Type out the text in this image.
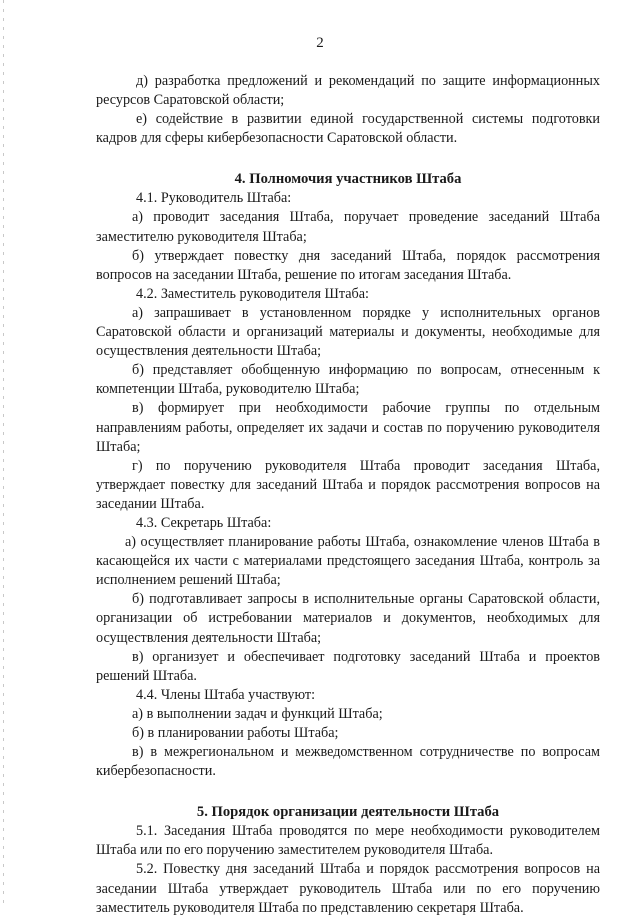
2

д) разработка предложений и рекомендаций по защите информационных ресурсов Саратовской области;

е) содействие в развитии единой государственной системы подготовки кадров для сферы кибербезопасности Саратовской области.

4. Полномочия участников Штаба

4.1. Руководитель Штаба:

а) проводит заседания Штаба, поручает проведение заседаний Штаба заместителю руководителя Штаба;

б) утверждает повестку дня заседаний Штаба, порядок рассмотрения вопросов на заседании Штаба, решение по итогам заседания Штаба.

4.2. Заместитель руководителя Штаба:

а) запрашивает в установленном порядке у исполнительных органов Саратовской области и организаций материалы и документы, необходимые для осуществления деятельности Штаба;

б) представляет обобщенную информацию по вопросам, отнесенным к компетенции Штаба, руководителю Штаба;

в) формирует при необходимости рабочие группы по отдельным направлениям работы, определяет их задачи и состав по поручению руководителя Штаба;

г) по поручению руководителя Штаба проводит заседания Штаба, утверждает повестку для заседаний Штаба и порядок рассмотрения вопросов на заседании Штаба.

4.3. Секретарь Штаба:

а) осуществляет планирование работы Штаба, ознакомление членов Штаба в касающейся их части с материалами предстоящего заседания Штаба, контроль за исполнением решений Штаба;

б) подготавливает запросы в исполнительные органы Саратовской области, организации об истребовании материалов и документов, необходимых для осуществления деятельности Штаба;

в) организует и обеспечивает подготовку заседаний Штаба и проектов решений Штаба.

4.4. Члены Штаба участвуют:

а) в выполнении задач и функций Штаба;

б) в планировании работы Штаба;

в) в межрегиональном и межведомственном сотрудничестве по вопросам кибербезопасности.

5. Порядок организации деятельности Штаба

5.1. Заседания Штаба проводятся по мере необходимости руководителем Штаба или по его поручению заместителем руководителя Штаба.

5.2. Повестку дня заседаний Штаба и порядок рассмотрения вопросов на заседании Штаба утверждает руководитель Штаба или по его поручению заместитель руководителя Штаба по представлению секретаря Штаба.
